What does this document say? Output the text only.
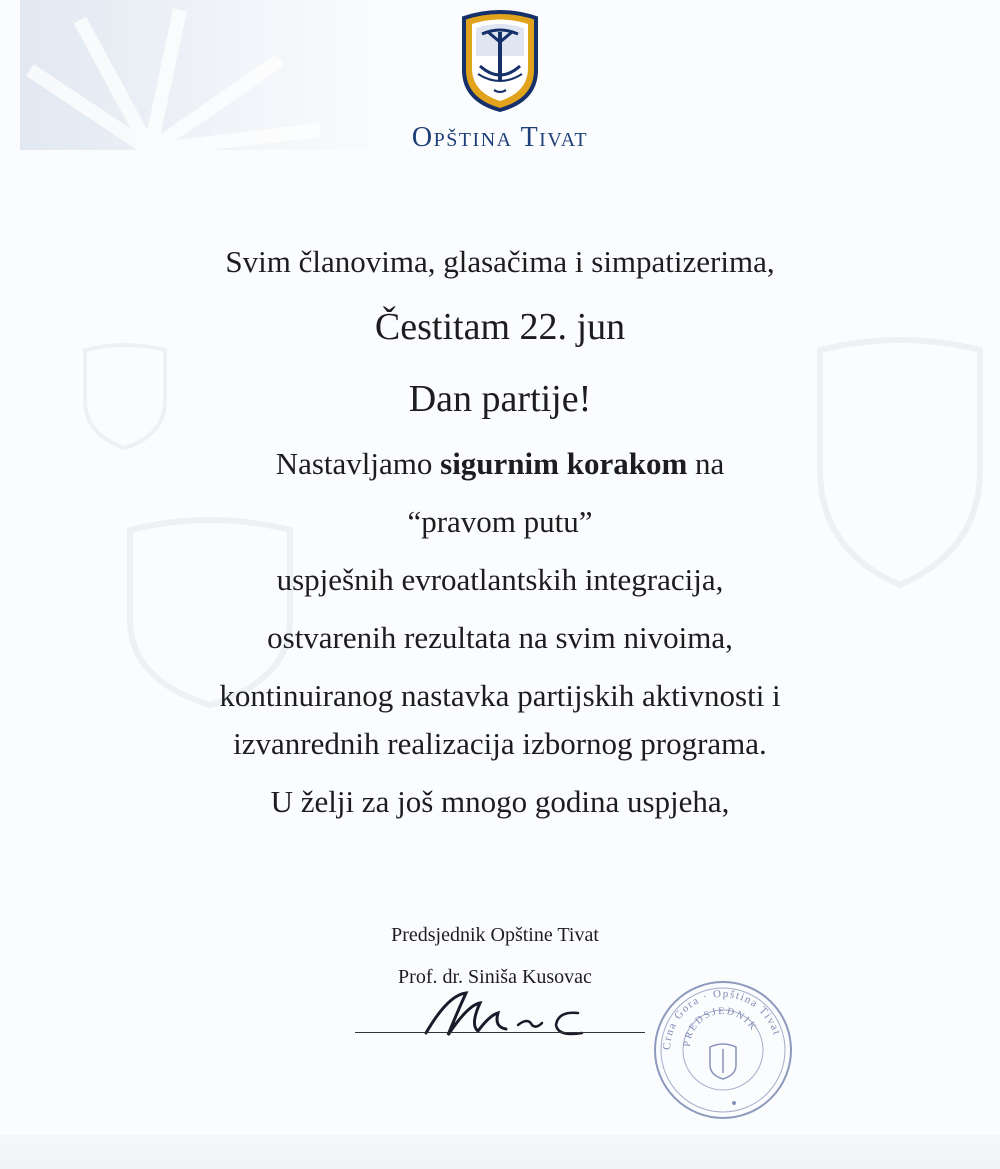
Opština Tivat
Svim članovima, glasačima i simpatizerima,
Čestitam 22. jun
Dan partije!
Nastavljamo sigurnim korakom na
“pravom putu”
uspješnih evroatlantskih integracija,
ostvarenih rezultata na svim nivoima,
kontinuiranog nastavka partijskih aktivnosti i
izvanrednih realizacija izbornog programa.
U želji za još mnogo godina uspjeha,
Predsjednik Opštine Tivat
Prof. dr. Siniša Kusovac
Crna Gora · Opština Tivat
PREDSJEDNIK
